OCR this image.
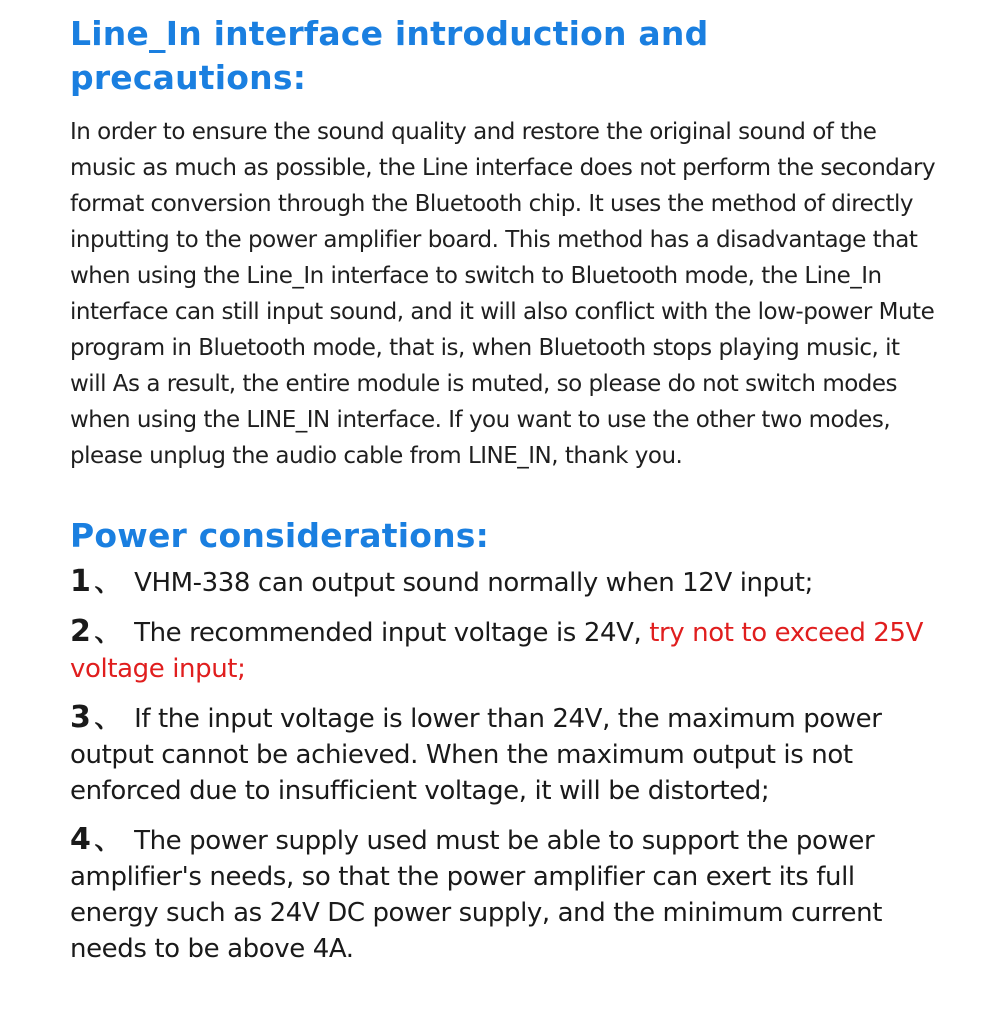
Line_In interface introduction and precautions:

In order to ensure the sound quality and restore the original sound of the music as much as possible, the Line interface does not perform the secondary format conversion through the Bluetooth chip. It uses the method of directly inputting to the power amplifier board. This method has a disadvantage that when using the Line_In interface to switch to Bluetooth mode, the Line_In interface can still input sound, and it will also conflict with the low-power Mute program in Bluetooth mode, that is, when Bluetooth stops playing music, it will As a result, the entire module is muted, so please do not switch modes when using the LINE_IN interface. If you want to use the other two modes, please unplug the audio cable from LINE_IN, thank you.

Power considerations:
1 、 VHM-338 can output sound normally when 12V input;
2 、 The recommended input voltage is 24V, try not to exceed 25V voltage input;
3 、 If the input voltage is lower than 24V, the maximum power output cannot be achieved. When the maximum output is not enforced due to insufficient voltage, it will be distorted;
4 、 The power supply used must be able to support the power amplifier's needs, so that the power amplifier can exert its full energy such as 24V DC power supply, and the minimum current needs to be above 4A.
